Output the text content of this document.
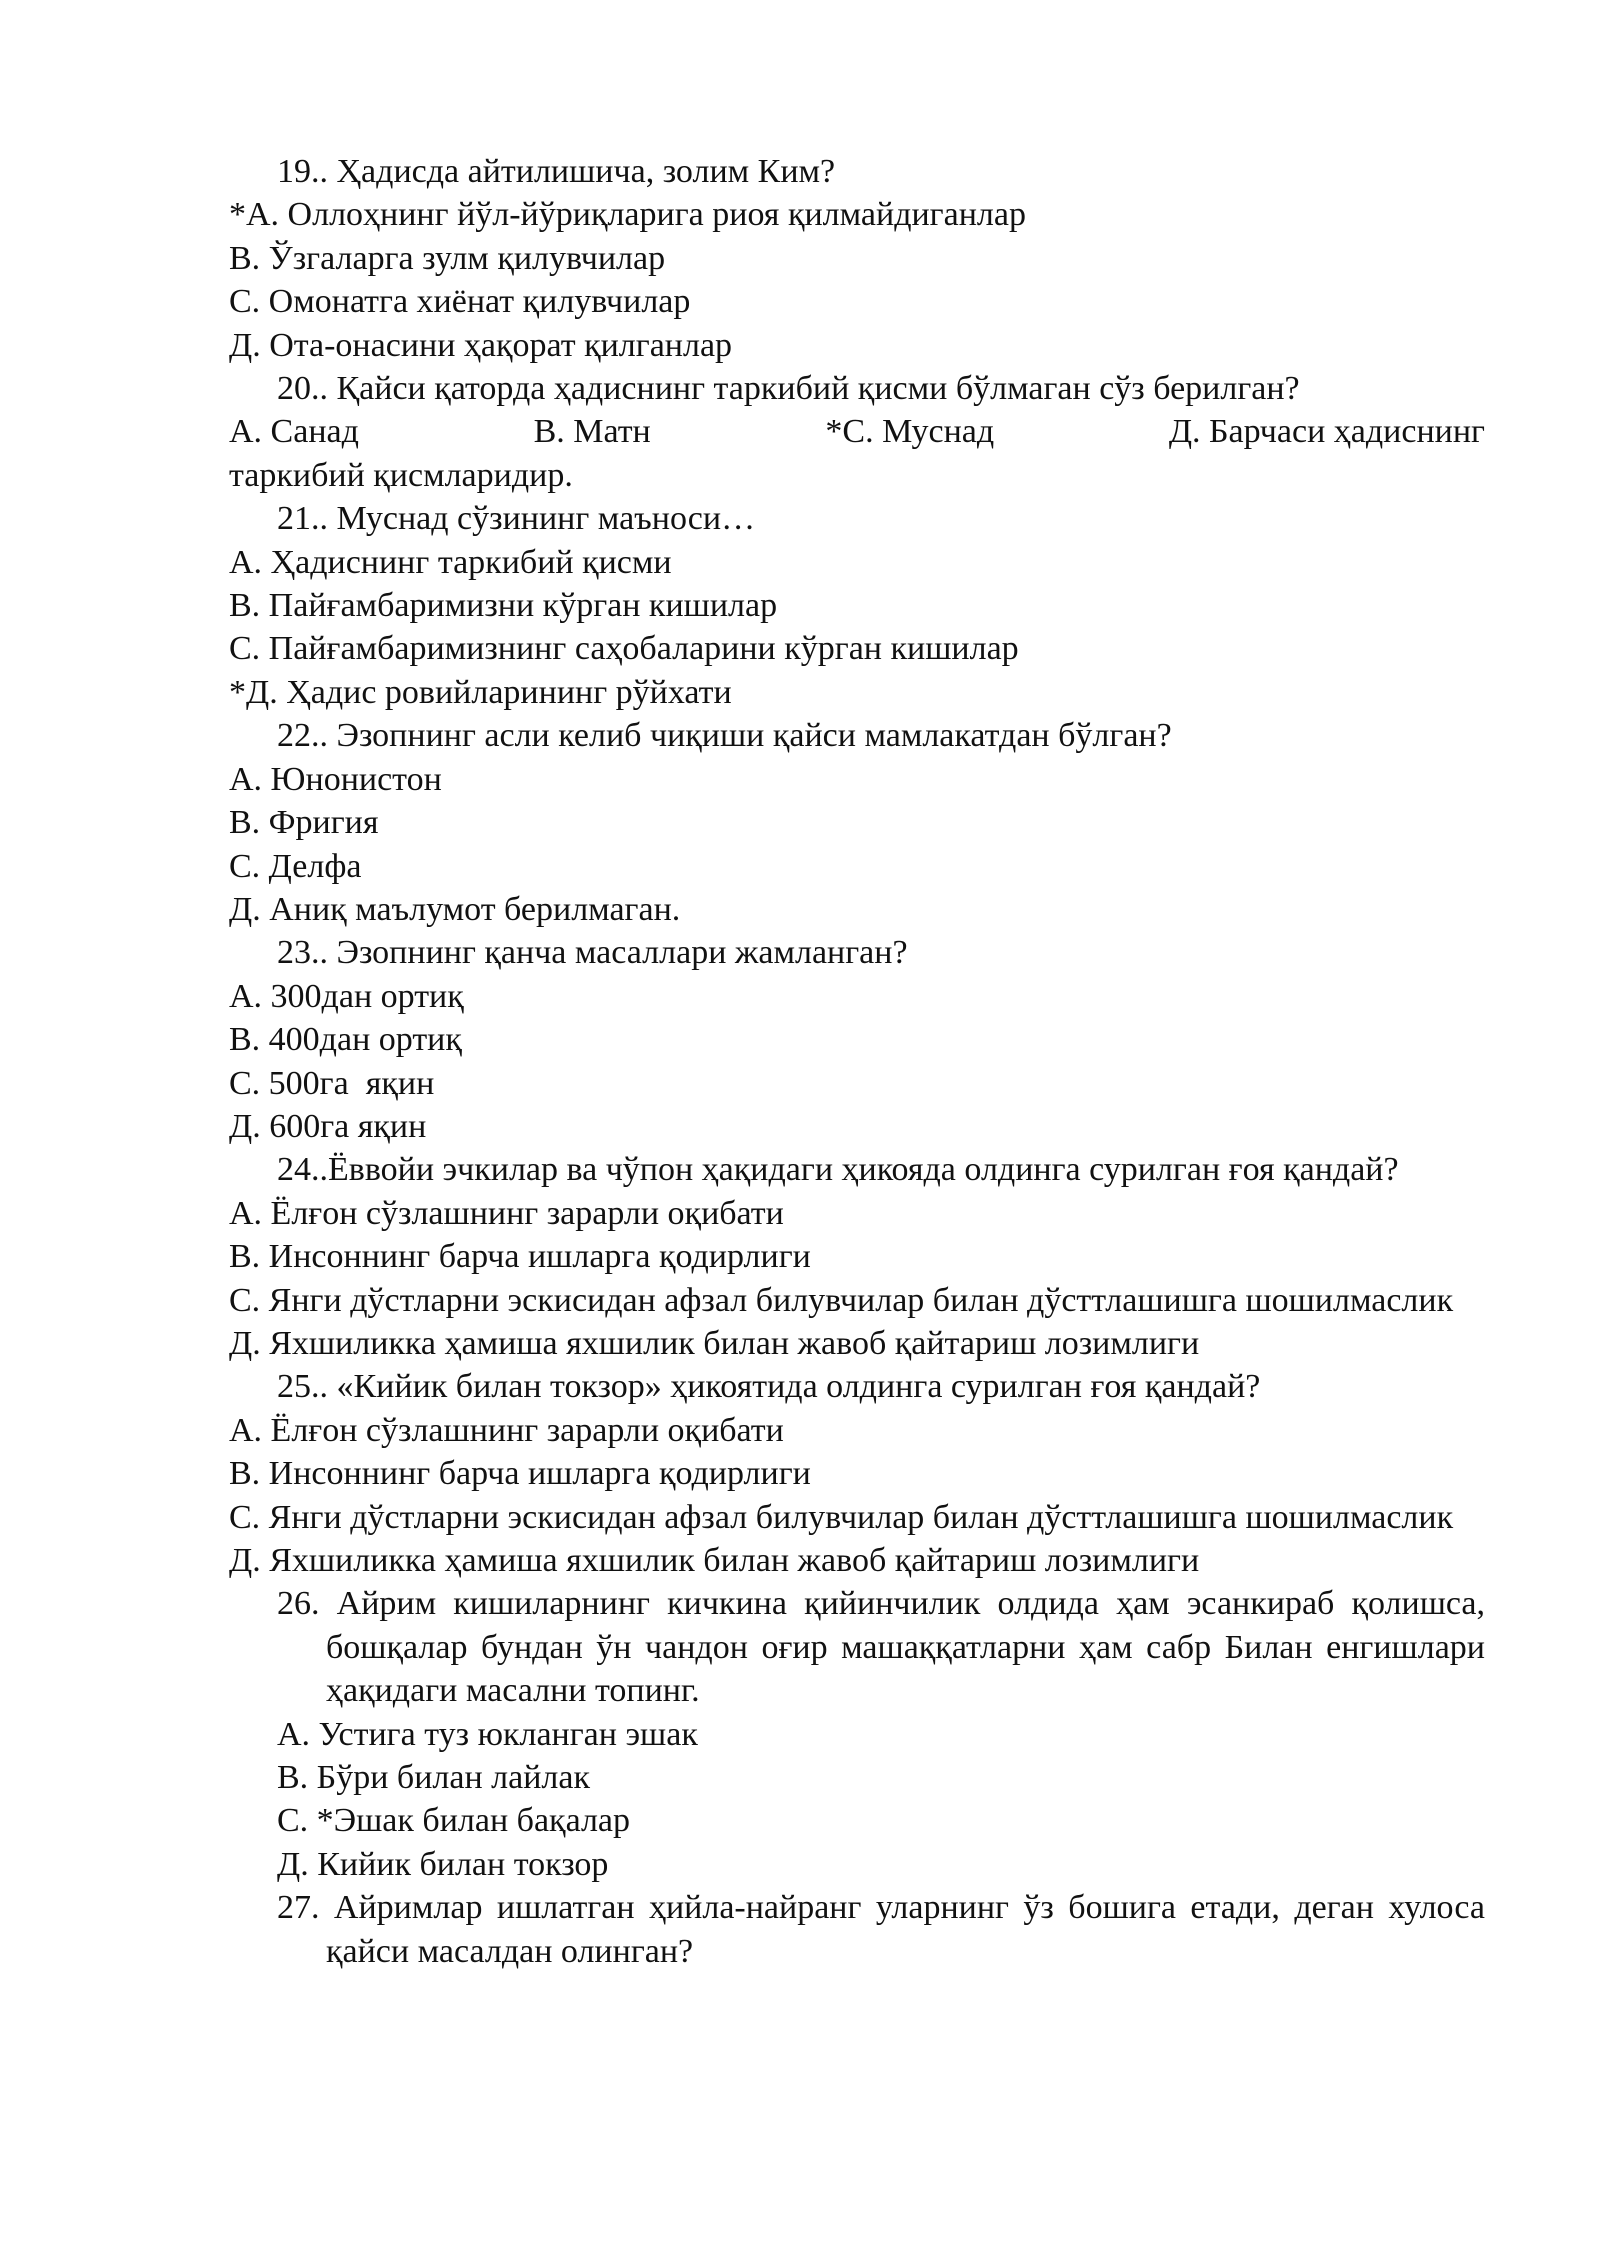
19.. Ҳадисда айтилишича, золим Ким?

*А. Оллоҳнинг йўл-йўриқларига риоя қилмайдиганлар

В. Ўзгаларга зулм қилувчилар

С. Омонатга хиёнат қилувчилар

Д. Ота-онасини ҳақорат қилганлар

20.. Қайси қаторда ҳадиснинг таркибий қисми бўлмаган сўз берилган?

А. Санад	В. Матн	*С. Муснад	Д. Барчаси ҳадиснинг

таркибий қисмларидир.

21.. Муснад сўзининг маъноси…

А. Ҳадиснинг таркибий қисми

В. Пайғамбаримизни кўрган кишилар

С. Пайғамбаримизнинг саҳобаларини кўрган кишилар

*Д. Ҳадис ровийларининг рўйхати

22.. Эзопнинг асли келиб чиқиши қайси мамлакатдан бўлган?

А. Юнонистон

В. Фригия

С. Делфа

Д. Аниқ маълумот берилмаган.

23.. Эзопнинг қанча масаллари жамланган?

А. 300дан ортиқ

В. 400дан ортиқ

С. 500га  яқин

Д. 600га яқин

24..Ёввойи эчкилар ва чўпон ҳақидаги ҳикояда олдинга сурилган ғоя қандай?

А. Ёлғон сўзлашнинг зарарли оқибати

В. Инсоннинг барча ишларга қодирлиги

С. Янги дўстларни эскисидан афзал билувчилар билан дўсттлашишга шошилмаслик

Д. Яхшиликка ҳамиша яхшилик билан жавоб қайтариш лозимлиги

25.. «Кийик билан токзор» ҳикоятида олдинга сурилган ғоя қандай?

А. Ёлғон сўзлашнинг зарарли оқибати

В. Инсоннинг барча ишларга қодирлиги

С. Янги дўстларни эскисидан афзал билувчилар билан дўсттлашишга шошилмаслик

Д. Яхшиликка ҳамиша яхшилик билан жавоб қайтариш лозимлиги

26. Айрим кишиларнинг кичкина қийинчилик олдида ҳам эсанкираб қолишса, бошқалар бундан ўн чандон оғир машаққатларни ҳам сабр Билан енгишлари ҳақидаги масални топинг.

А. Устига туз юкланган эшак

В. Бўри билан лайлак

С. *Эшак билан бақалар

Д. Кийик билан токзор

27. Айримлар ишлатган ҳийла-найранг уларнинг ўз бошига етади, деган хулоса қайси масалдан олинган?
